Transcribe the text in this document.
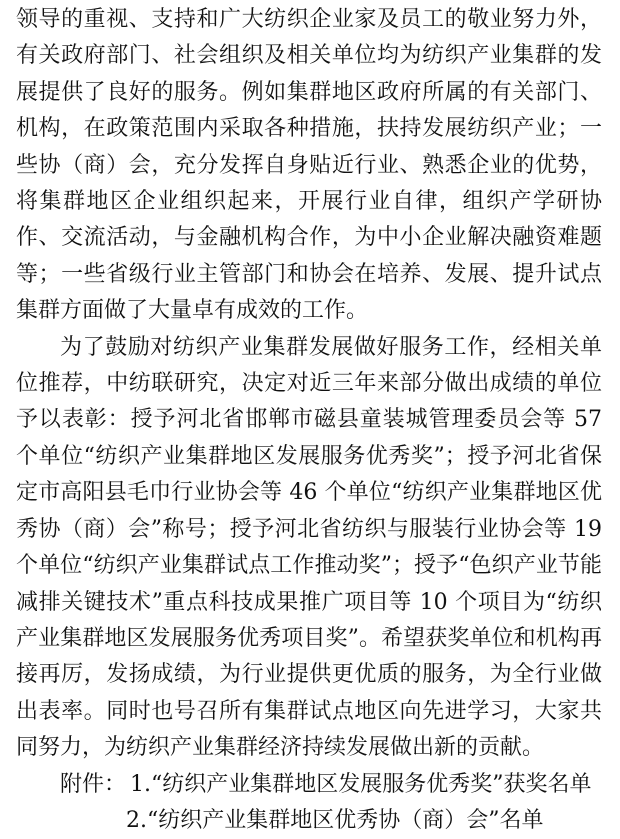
领导的重视、支持和广大纺织企业家及员工的敬业努力外，有关政府部门、社会组织及相关单位均为纺织产业集群的发展提供了良好的服务。例如集群地区政府所属的有关部门、机构，在政策范围内采取各种措施，扶持发展纺织产业；一些协（商）会，充分发挥自身贴近行业、熟悉企业的优势，将集群地区企业组织起来，开展行业自律，组织产学研协作、交流活动，与金融机构合作，为中小企业解决融资难题等；一些省级行业主管部门和协会在培养、发展、提升试点集群方面做了大量卓有成效的工作。

为了鼓励对纺织产业集群发展做好服务工作，经相关单位推荐，中纺联研究，决定对近三年来部分做出成绩的单位予以表彰：授予河北省邯郸市磁县童装城管理委员会等 57 个单位“纺织产业集群地区发展服务优秀奖”；授予河北省保定市高阳县毛巾行业协会等 46 个单位“纺织产业集群地区优秀协（商）会”称号；授予河北省纺织与服装行业协会等 19 个单位“纺织产业集群试点工作推动奖”；授予“色织产业节能减排关键技术”重点科技成果推广项目等 10 个项目为“纺织产业集群地区发展服务优秀项目奖”。希望获奖单位和机构再接再厉，发扬成绩，为行业提供更优质的服务，为全行业做出表率。同时也号召所有集群试点地区向先进学习，大家共同努力，为纺织产业集群经济持续发展做出新的贡献。

附件： 1.“纺织产业集群地区发展服务优秀奖”获奖名单
2.“纺织产业集群地区优秀协（商）会”名单
